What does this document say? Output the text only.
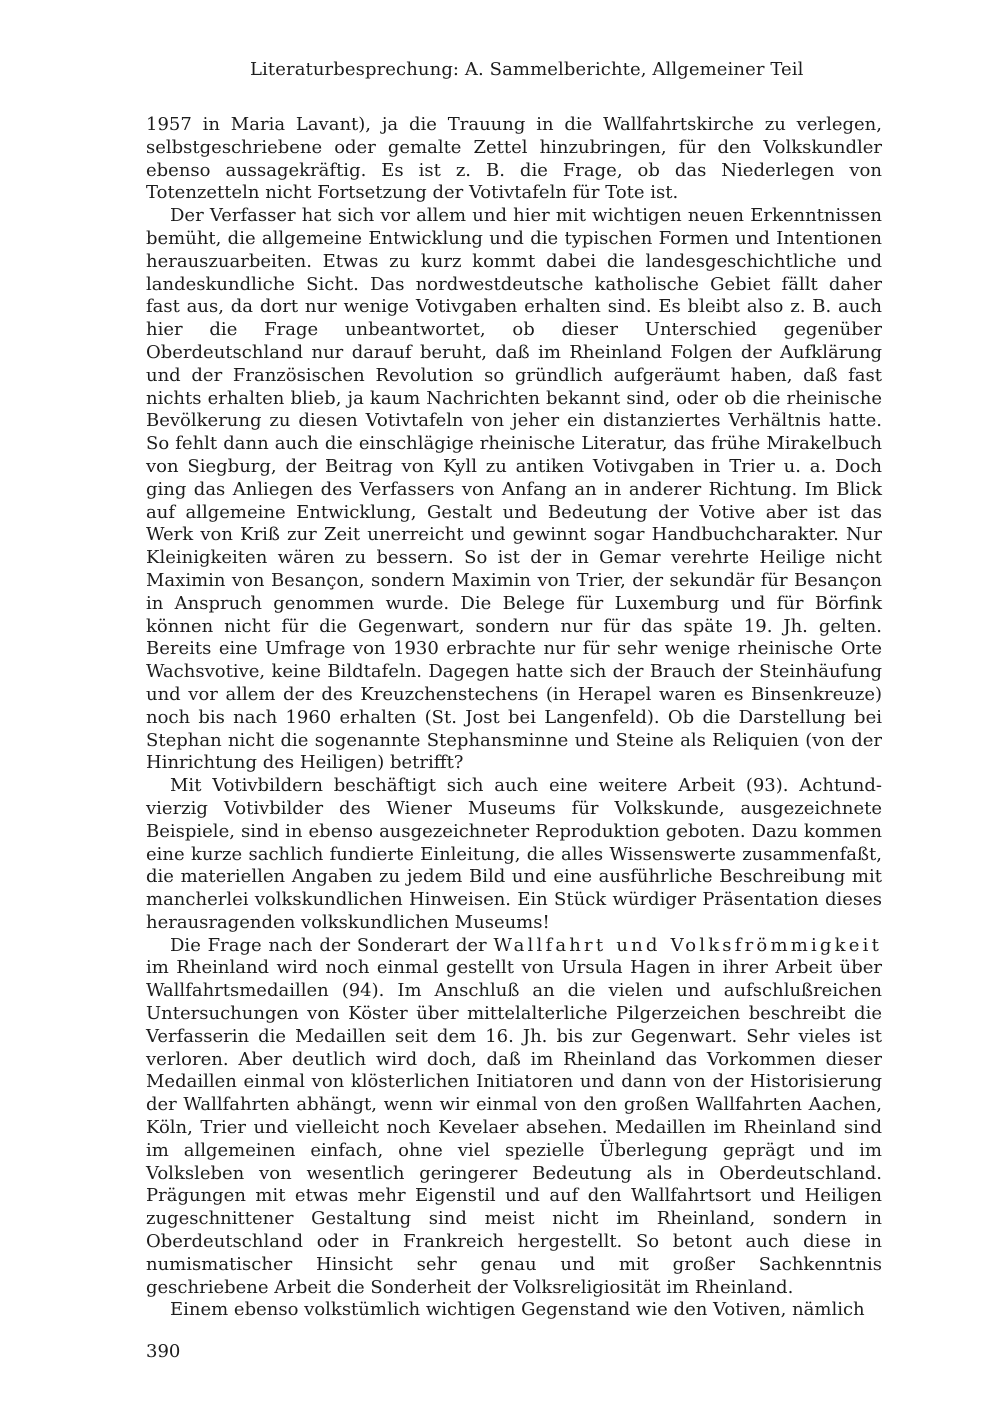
Literaturbesprechung: A. Sammelberichte, Allgemeiner Teil

1957 in Maria Lavant), ja die Trauung in die Wallfahrtskirche zu verlegen, selbstgeschriebene oder gemalte Zettel hinzubringen, für den Volkskundler ebenso aussagekräftig. Es ist z. B. die Frage, ob das Niederlegen von Totenzetteln nicht Fortsetzung der Votivtafeln für Tote ist.

Der Verfasser hat sich vor allem und hier mit wichtigen neuen Erkenntnissen bemüht, die allgemeine Entwicklung und die typischen Formen und Intentionen herauszuarbeiten. Etwas zu kurz kommt dabei die landesgeschichtliche und landeskundliche Sicht. Das nordwestdeutsche katholische Gebiet fällt daher fast aus, da dort nur wenige Votivgaben erhalten sind. Es bleibt also z. B. auch hier die Frage unbeantwortet, ob dieser Unterschied gegenüber Oberdeutschland nur darauf beruht, daß im Rheinland Folgen der Aufklärung und der Französischen Revolution so gründlich aufgeräumt haben, daß fast nichts erhalten blieb, ja kaum Nachrichten bekannt sind, oder ob die rheinische Bevölkerung zu diesen Votivtafeln von jeher ein distanziertes Verhältnis hatte. So fehlt dann auch die einschlägige rheinische Literatur, das frühe Mirakelbuch von Siegburg, der Beitrag von Kyll zu antiken Votivgaben in Trier u. a. Doch ging das Anliegen des Verfassers von Anfang an in anderer Richtung. Im Blick auf allgemeine Entwicklung, Gestalt und Bedeutung der Votive aber ist das Werk von Kriß zur Zeit unerreicht und gewinnt sogar Handbuchcharakter. Nur Kleinigkeiten wären zu bessern. So ist der in Gemar verehrte Heilige nicht Maximin von Besançon, sondern Maximin von Trier, der sekundär für Besançon in Anspruch genommen wurde. Die Belege für Luxemburg und für Börfink können nicht für die Gegenwart, sondern nur für das späte 19. Jh. gelten. Bereits eine Umfrage von 1930 erbrachte nur für sehr wenige rheinische Orte Wachsvotive, keine Bildtafeln. Dagegen hatte sich der Brauch der Steinhäufung und vor allem der des Kreuzchenstechens (in Herapel waren es Binsenkreuze) noch bis nach 1960 erhalten (St. Jost bei Langenfeld). Ob die Darstellung bei Stephan nicht die sogenannte Stephansminne und Steine als Reliquien (von der Hinrichtung des Heiligen) betrifft?

Mit Votivbildern beschäftigt sich auch eine weitere Arbeit (93). Achtundvierzig Votivbilder des Wiener Museums für Volkskunde, ausgezeichnete Beispiele, sind in ebenso ausgezeichneter Reproduktion geboten. Dazu kommen eine kurze sachlich fundierte Einleitung, die alles Wissenswerte zusammenfaßt, die materiellen Angaben zu jedem Bild und eine ausführliche Beschreibung mit mancherlei volkskundlichen Hinweisen. Ein Stück würdiger Präsentation dieses herausragenden volkskundlichen Museums!

Die Frage nach der Sonderart der Wallfahrt und Volksfrömmigkeit im Rheinland wird noch einmal gestellt von Ursula Hagen in ihrer Arbeit über Wallfahrtsmedaillen (94). Im Anschluß an die vielen und aufschlußreichen Untersuchungen von Köster über mittelalterliche Pilgerzeichen beschreibt die Verfasserin die Medaillen seit dem 16. Jh. bis zur Gegenwart. Sehr vieles ist verloren. Aber deutlich wird doch, daß im Rheinland das Vorkommen dieser Medaillen einmal von klösterlichen Initiatoren und dann von der Historisierung der Wallfahrten abhängt, wenn wir einmal von den großen Wallfahrten Aachen, Köln, Trier und vielleicht noch Kevelaer absehen. Medaillen im Rheinland sind im allgemeinen einfach, ohne viel spezielle Überlegung geprägt und im Volksleben von wesentlich geringerer Bedeutung als in Oberdeutschland. Prägungen mit etwas mehr Eigenstil und auf den Wallfahrtsort und Heiligen zugeschnittener Gestaltung sind meist nicht im Rheinland, sondern in Oberdeutschland oder in Frankreich hergestellt. So betont auch diese in numismatischer Hinsicht sehr genau und mit großer Sachkenntnis geschriebene Arbeit die Sonderheit der Volksreligiosität im Rheinland.

Einem ebenso volkstümlich wichtigen Gegenstand wie den Votiven, nämlich

390
